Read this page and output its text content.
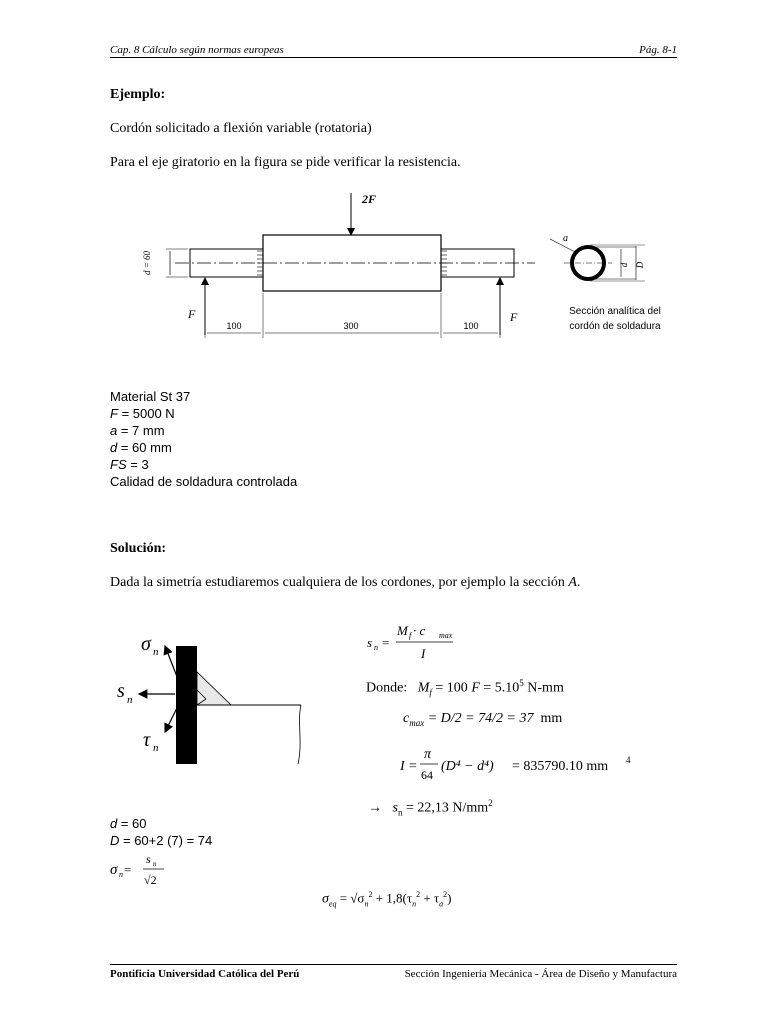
Cap. 8 Cálculo según normas europeas	Pág. 8-1
Ejemplo:
Cordón solicitado a flexión variable (rotatoria)
Para el eje giratorio en la figura se pide verificar la resistencia.
2F
F	F
d = 60
100	300	100
a
d D
Sección analítica del
cordón de soldadura
Material St 37
F = 5000 N
a = 7 mm
d = 60 mm
FS = 3
Calidad de soldadura controlada
Solución:
Dada la simetría estudiaremos cualquiera de los cordones, por ejemplo la sección A.
σ n
s n
τ n
s n =
M f · c max
I
Donde: $M_f = 100$ $F = 5.10^5$ N-mm
$c_{max} = D/2 = 74/2 = 37$ mm
I =
π
64
(D⁴ − d⁴) = 835790.10 mm 4
→ $s_n = 22,13$ $N/mm^2$
d = 60
D = 60+2 (7) = 74
σ n =
s n
√2
$\sigma_{eq} = √\sigma_n^2 + 1,8(\tau_n^2 + \tau_a^2)$
Pontificia Universidad Católica del Perú	Sección Ingeniería Mecánica - Área de Diseño y Manufactura
